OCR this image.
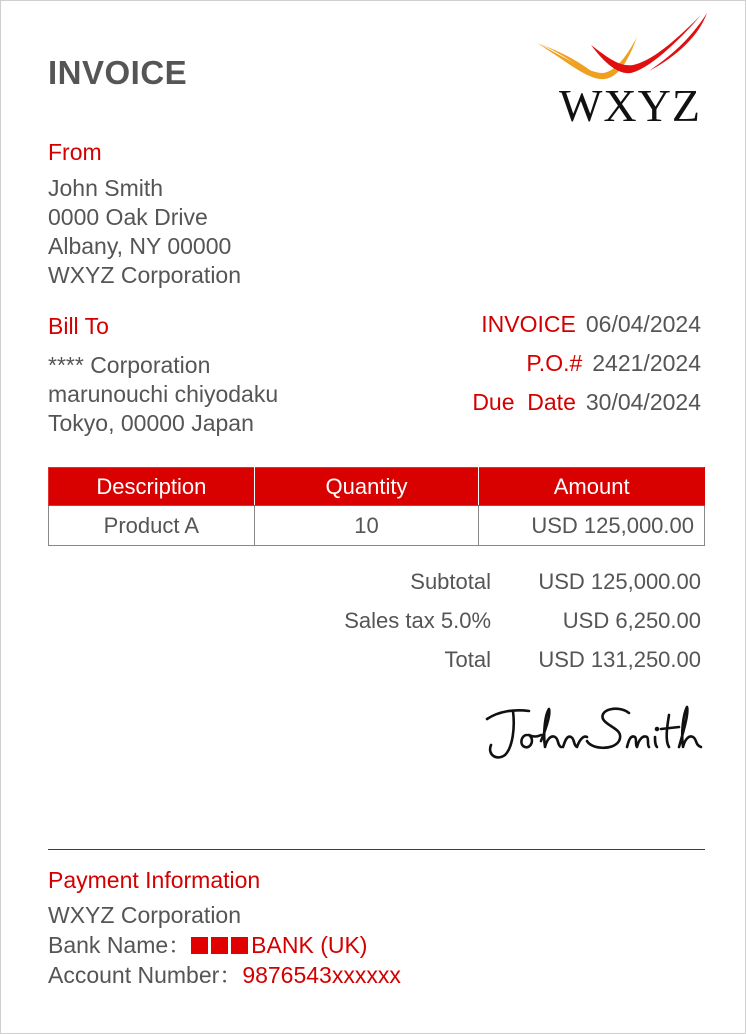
INVOICE
WXYZ
From
John Smith
0000 Oak Drive
Albany, NY 00000
WXYZ Corporation
Bill To
**** Corporation
marunouchi chiyodaku
Tokyo, 00000 Japan
INVOICE 06/04/2024
P.O.# 2421/2024
Due  Date 30/04/2024
Description	Quantity	Amount
Product A	10	USD 125,000.00
Subtotal	USD 125,000.00
Sales tax 5.0%	USD 6,250.00
Total	USD 131,250.00
Payment Information
WXYZ Corporation
Bank Name：	BANK (UK)
Account Number：9876543xxxxxx
